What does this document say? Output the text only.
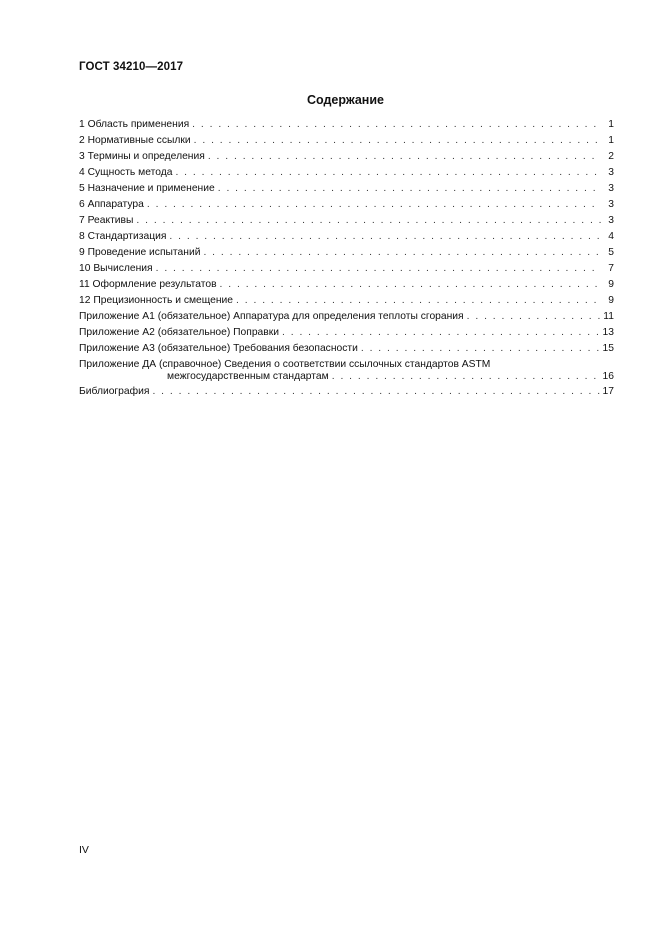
ГОСТ 34210—2017
Содержание
1 Область применения . . .	1
2 Нормативные ссылки . . .	1
3 Термины и определения . . .	2
4 Сущность метода . . .	3
5 Назначение и применение . . .	3
6 Аппаратура . . .	3
7 Реактивы . . .	3
8 Стандартизация . . .	4
9 Проведение испытаний . . .	5
10 Вычисления . . .	7
11 Оформление результатов . . .	9
12 Прецизионность и смещение . . .	9
Приложение А1 (обязательное) Аппаратура для определения теплоты сгорания . . .	11
Приложение А2 (обязательное) Поправки . . .	13
Приложение А3 (обязательное) Требования безопасности . . .	15
Приложение ДА (справочное) Сведения о соответствии ссылочных стандартов ASTM
межгосударственным стандартам . . .	16
Библиография . . .	17
IV
